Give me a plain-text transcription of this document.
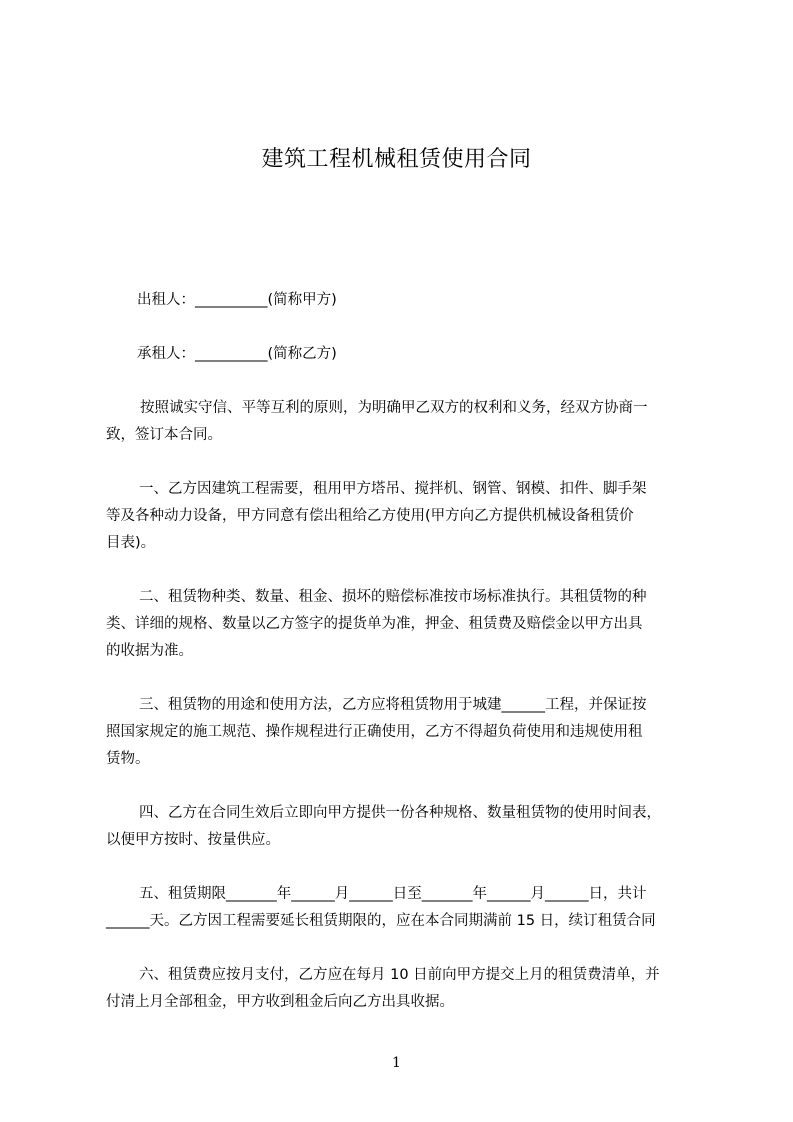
建筑工程机械租赁使用合同
出租人：__________(简称甲方)
承租人：__________(简称乙方)
按照诚实守信、平等互利的原则，为明确甲乙双方的权利和义务，经双方协商一
致，签订本合同。
一、乙方因建筑工程需要，租用甲方塔吊、搅拌机、钢管、钢模、扣件、脚手架
等及各种动力设备，甲方同意有偿出租给乙方使用(甲方向乙方提供机械设备租赁价
目表)。
二、租赁物种类、数量、租金、损坏的赔偿标准按市场标准执行。其租赁物的种
类、详细的规格、数量以乙方签字的提货单为准，押金、租赁费及赔偿金以甲方出具
的收据为准。
三、租赁物的用途和使用方法，乙方应将租赁物用于城建______工程，并保证按
照国家规定的施工规范、操作规程进行正确使用，乙方不得超负荷使用和违规使用租
赁物。
四、乙方在合同生效后立即向甲方提供一份各种规格、数量租赁物的使用时间表，
以便甲方按时、按量供应。
五、租赁期限_______年______月______日至_______年______月______日，共计
______天。乙方因工程需要延长租赁期限的，应在本合同期满前 15 日，续订租赁合同
六、租赁费应按月支付，乙方应在每月 10 日前向甲方提交上月的租赁费清单，并
付清上月全部租金，甲方收到租金后向乙方出具收据。
1
